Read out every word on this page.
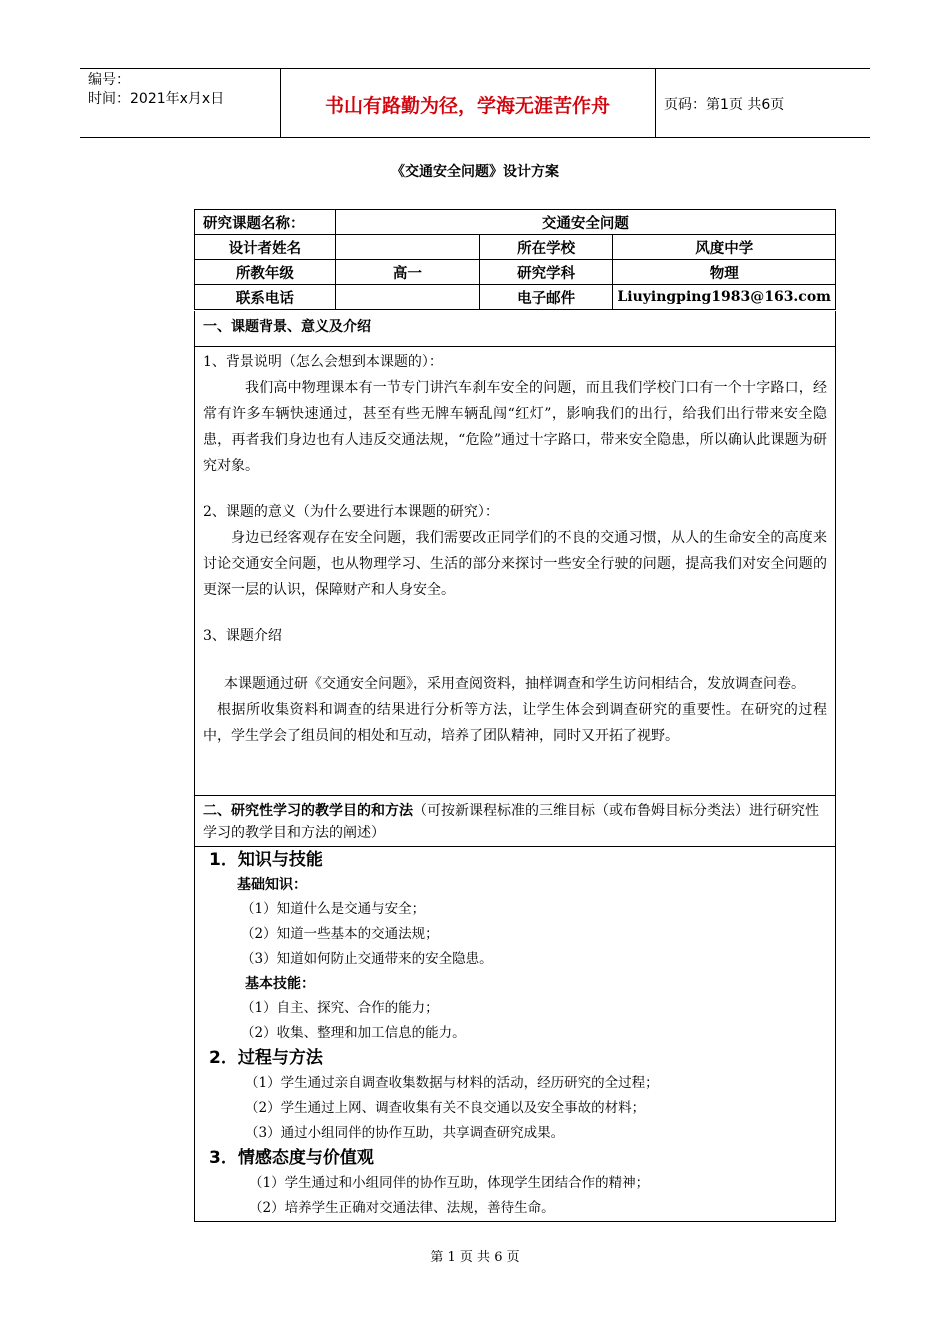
编号：
时间：2021年x月x日	书山有路勤为径，学海无涯苦作舟	页码：第1页 共6页
《交通安全问题》设计方案
研究课题名称：	交通安全问题		
设计者姓名		所在学校	风度中学
所教年级	高一	研究学科	物理
联系电话		电子邮件	Liuyingping1983@163.com
一、课题背景、意义及介绍
1、背景说明（怎么会想到本课题的）：
我们高中物理课本有一节专门讲汽车刹车安全的问题，而且我们学校门口有一个十字路口，经常有许多车辆快速通过，甚至有些无牌车辆乱闯“红灯”，影响我们的出行，给我们出行带来安全隐患，再者我们身边也有人违反交通法规，“危险”通过十字路口，带来安全隐患，所以确认此课题为研究对象。
2、课题的意义（为什么要进行本课题的研究）：
身边已经客观存在安全问题，我们需要改正同学们的不良的交通习惯，从人的生命安全的高度来讨论交通安全问题，也从物理学习、生活的部分来探讨一些安全行驶的问题，提高我们对安全问题的更深一层的认识，保障财产和人身安全。
3、课题介绍
本课题通过研《交通安全问题》，采用查阅资料，抽样调查和学生访问相结合，发放调查问卷。
根据所收集资料和调查的结果进行分析等方法，让学生体会到调查研究的重要性。在研究的过程中，学生学会了组员间的相处和互动，培养了团队精神，同时又开拓了视野。
二、研究性学习的教学目的和方法（可按新课程标准的三维目标（或布鲁姆目标分类法）进行研究性学习的教学目和方法的阐述）
1．知识与技能
基础知识：
（1）知道什么是交通与安全；
（2）知道一些基本的交通法规；
（3）知道如何防止交通带来的安全隐患。
基本技能：
（1）自主、探究、合作的能力；
（2）收集、整理和加工信息的能力。
2．过程与方法
（1）学生通过亲自调查收集数据与材料的活动，经历研究的全过程；
（2）学生通过上网、调查收集有关不良交通以及安全事故的材料；
（3）通过小组同伴的协作互助，共享调查研究成果。
3．情感态度与价值观
（1）学生通过和小组同伴的协作互助，体现学生团结合作的精神；
（2）培养学生正确对交通法律、法规，善待生命。
第 1 页 共 6 页
